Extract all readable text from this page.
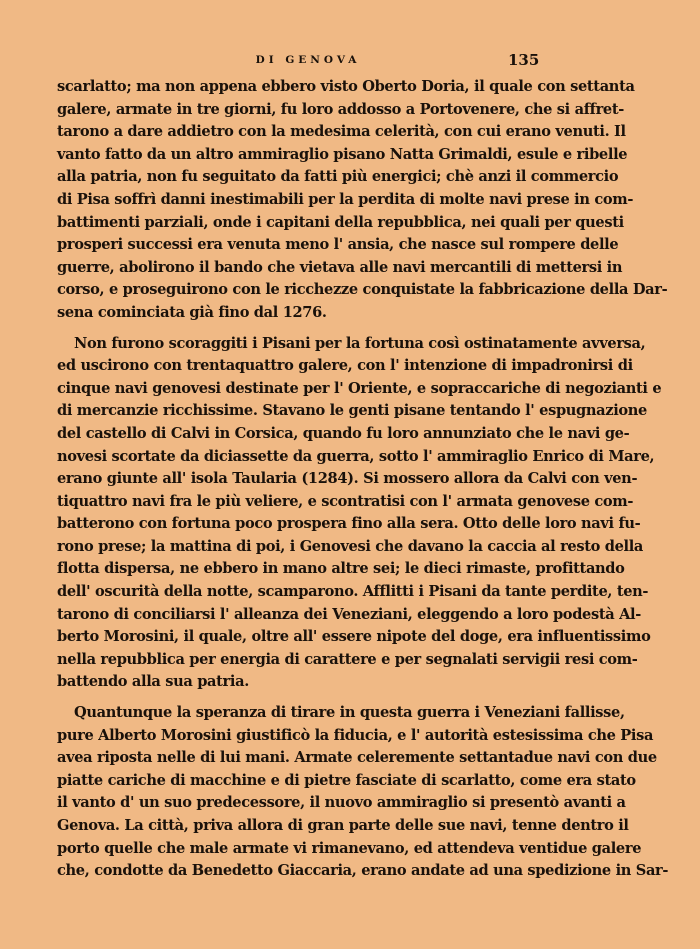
DI GENOVA	135
scarlatto; ma non appena ebbero visto Oberto Doria, il quale con settanta
galere, armate in tre giorni, fu loro addosso a Portovenere, che si affret-
tarono a dare addietro con la medesima celerità, con cui erano venuti. Il
vanto fatto da un altro ammiraglio pisano Natta Grimaldi, esule e ribelle
alla patria, non fu seguitato da fatti più energici; chè anzi il commercio
di Pisa soffrì danni inestimabili per la perdita di molte navi prese in com-
battimenti parziali, onde i capitani della repubblica, nei quali per questi
prosperi successi era venuta meno l' ansia, che nasce sul rompere delle
guerre, abolirono il bando che vietava alle navi mercantili di mettersi in
corso, e proseguirono con le ricchezze conquistate la fabbricazione della Dar-
sena cominciata già fino dal 1276.
Non furono scoraggiti i Pisani per la fortuna così ostinatamente avversa,
ed uscirono con trentaquattro galere, con l' intenzione di impadronirsi di
cinque navi genovesi destinate per l' Oriente, e sopraccariche di negozianti e
di mercanzie ricchissime. Stavano le genti pisane tentando l' espugnazione
del castello di Calvi in Corsica, quando fu loro annunziato che le navi ge-
novesi scortate da diciassette da guerra, sotto l' ammiraglio Enrico di Mare,
erano giunte all' isola Taularia (1284). Si mossero allora da Calvi con ven-
tiquattro navi fra le più veliere, e scontratisi con l' armata genovese com-
batterono con fortuna poco prospera fino alla sera. Otto delle loro navi fu-
rono prese; la mattina di poi, i Genovesi che davano la caccia al resto della
flotta dispersa, ne ebbero in mano altre sei; le dieci rimaste, profittando
dell' oscurità della notte, scamparono. Afflitti i Pisani da tante perdite, ten-
tarono di conciliarsi l' alleanza dei Veneziani, eleggendo a loro podestà Al-
berto Morosini, il quale, oltre all' essere nipote del doge, era influentissimo
nella repubblica per energia di carattere e per segnalati servigii resi com-
battendo alla sua patria.
Quantunque la speranza di tirare in questa guerra i Veneziani fallisse,
pure Alberto Morosini giustificò la fiducia, e l' autorità estesissima che Pisa
avea riposta nelle di lui mani. Armate celeremente settantadue navi con due
piatte cariche di macchine e di pietre fasciate di scarlatto, come era stato
il vanto d' un suo predecessore, il nuovo ammiraglio si presentò avanti a
Genova. La città, priva allora di gran parte delle sue navi, tenne dentro il
porto quelle che male armate vi rimanevano, ed attendeva ventidue galere
che, condotte da Benedetto Giaccaria, erano andate ad una spedizione in Sar-
